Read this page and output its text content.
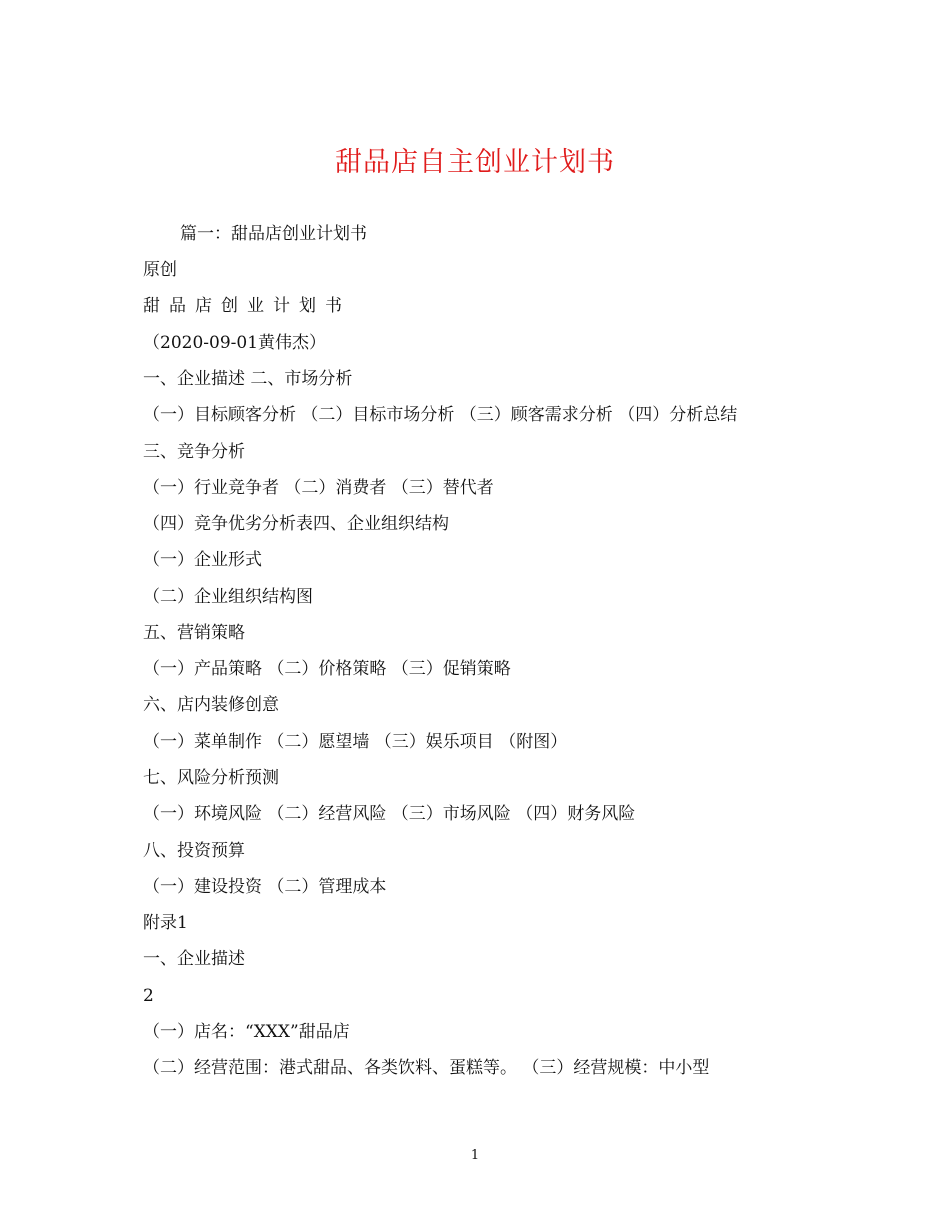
甜品店自主创业计划书
篇一：甜品店创业计划书
原创
甜品店创业计划书
（2020-09-01黄伟杰）
一、企业描述 二、市场分析
（一）目标顾客分析 （二）目标市场分析 （三）顾客需求分析 （四）分析总结
三、竞争分析
（一）行业竞争者 （二）消费者 （三）替代者
（四）竞争优劣分析表四、企业组织结构
（一）企业形式
（二）企业组织结构图
五、营销策略
（一）产品策略 （二）价格策略 （三）促销策略
六、店内装修创意
（一）菜单制作 （二）愿望墙 （三）娱乐项目 （附图）
七、风险分析预测
（一）环境风险 （二）经营风险 （三）市场风险 （四）财务风险
八、投资预算
（一）建设投资 （二）管理成本
附录1
一、企业描述
2
（一）店名：“XXX”甜品店
（二）经营范围：港式甜品、各类饮料、蛋糕等。 （三）经营规模：中小型
1
